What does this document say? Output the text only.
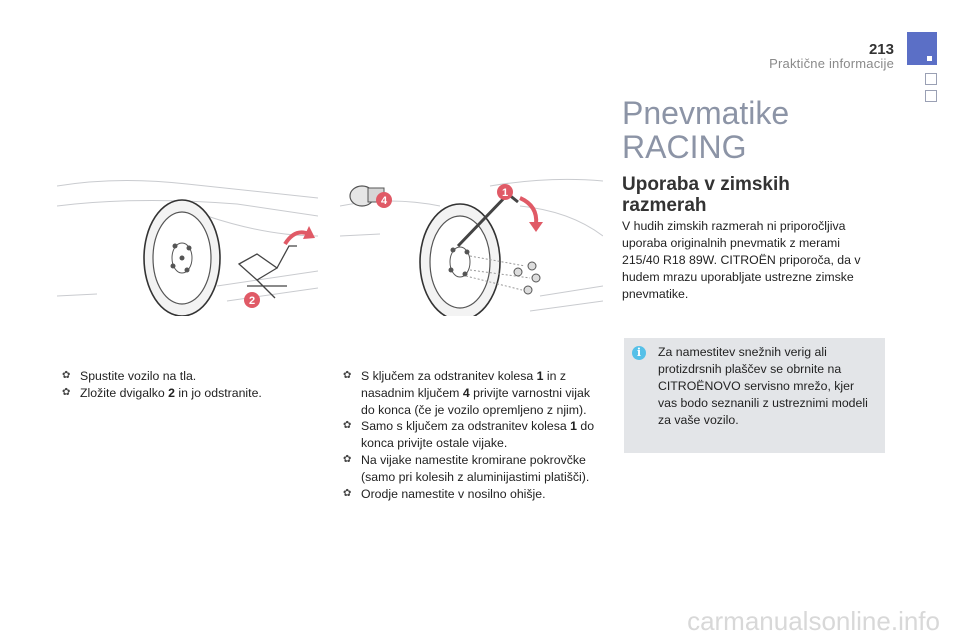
213
Praktične informacije
2
1
4
✿ Spustite vozilo na tla.
✿ Zložite dvigalko 2 in jo odstranite.
✿ S ključem za odstranitev kolesa 1 in z nasadnim ključem 4 privijte varnostni vijak do konca (če je vozilo opremljeno z njim).
✿ Samo s ključem za odstranitev kolesa 1 do konca privijte ostale vijake.
✿ Na vijake namestite kromirane pokrovčke (samo pri kolesih z aluminijastimi platišči).
✿ Orodje namestite v nosilno ohišje.
Pnevmatike
RACING
Uporaba v zimskih
razmerah
V hudih zimskih razmerah ni priporočljiva uporaba originalnih pnevmatik z merami 215/40 R18 89W. CITROËN priporoča, da v hudem mrazu uporabljate ustrezne zimske pnevmatike.
i	Za namestitev snežnih verig ali protizdrsnih plaščev se obrnite na CITROËNOVO servisno mrežo, kjer vas bodo seznanili z ustreznimi modeli za vaše vozilo.
carmanualsonline.info
